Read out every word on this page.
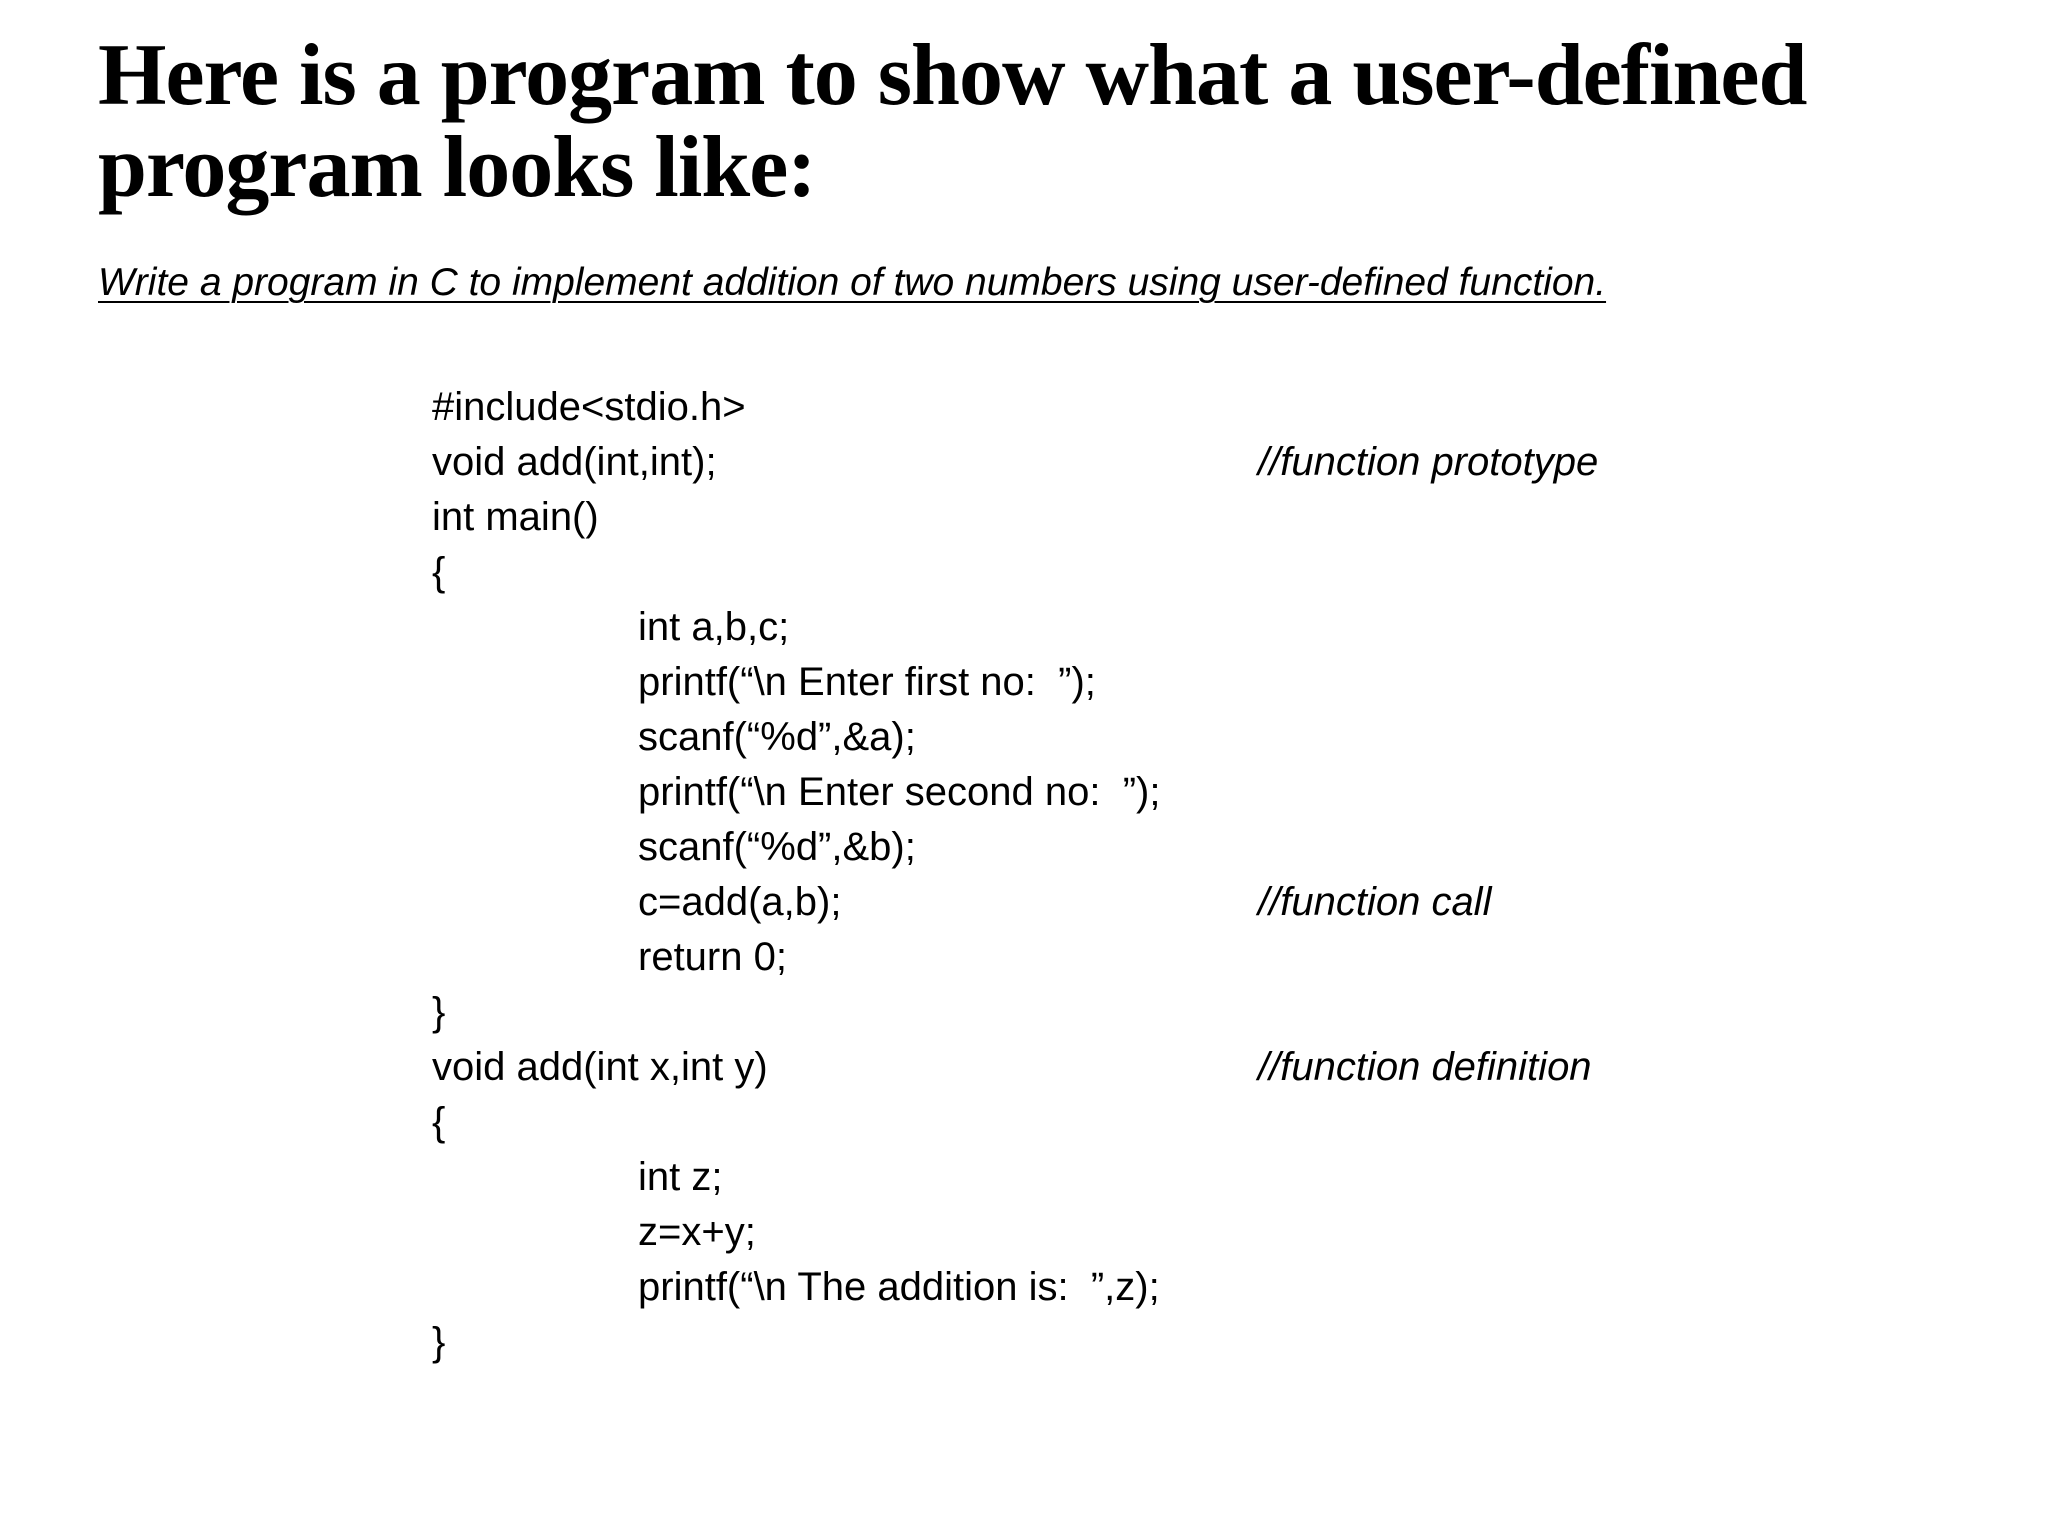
Here is a program to show what a user-defined
program looks like:

Write a program in C to implement addition of two numbers using user-defined function.

#include<stdio.h>
void add(int,int);	//function prototype
int main()
{
int a,b,c;
printf(“\n Enter first no:  ”);
scanf(“%d”,&a);
printf(“\n Enter second no:  ”);
scanf(“%d”,&b);
c=add(a,b);	//function call
return 0;
}
void add(int x,int y)	//function definition
{
int z;
z=x+y;
printf(“\n The addition is:  ”,z);
}
